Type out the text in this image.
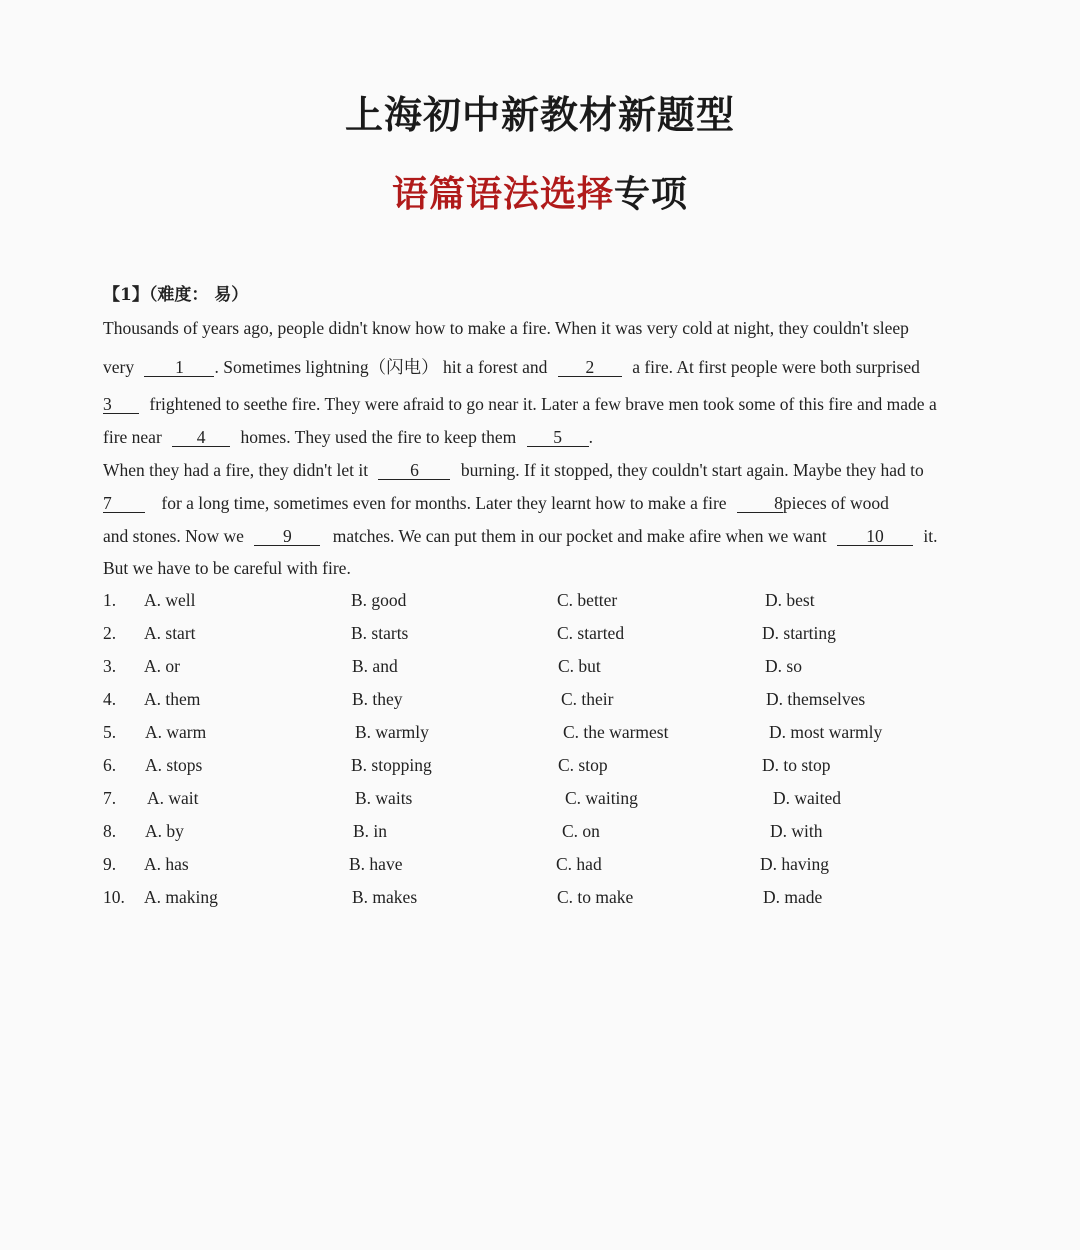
上海初中新教材新题型
语篇语法选择专项
【1】（难度： 易）
Thousands of years ago, people didn't know how to make a fire. When it was very cold at night, they couldn't sleep
very 1 . Sometimes lightning（闪电） hit a forest and 2 a fire. At first people were both surprised
3 frightened to seethe fire. They were afraid to go near it. Later a few brave men took some of this fire and made a
fire near 4 homes. They used the fire to keep them 5 .
When they had a fire, they didn't let it 6 burning. If it stopped, they couldn't start again. Maybe they had to
7	for a long time, sometimes even for months. Later they learnt how to make a fire	8pieces of wood
and stones. Now we 9 matches. We can put them in our pocket and make afire when we want 10 it.
But we have to be careful with fire.
1. A. well	B. good	C. better	D. best
2. A. start	B. starts	C. started	D. starting
3. A. or	B. and	C. but	D. so
4. A. them	B. they	C. their	D. themselves
5. A. warm	B. warmly	C. the warmest	D. most warmly
6. A. stops	B. stopping	C. stop	D. to stop
7. A. wait	B. waits	C. waiting	D. waited
8. A. by	B. in	C. on	D. with
9. A. has	B. have	C. had	D. having
10. A. making	B. makes	C. to make	D. made
